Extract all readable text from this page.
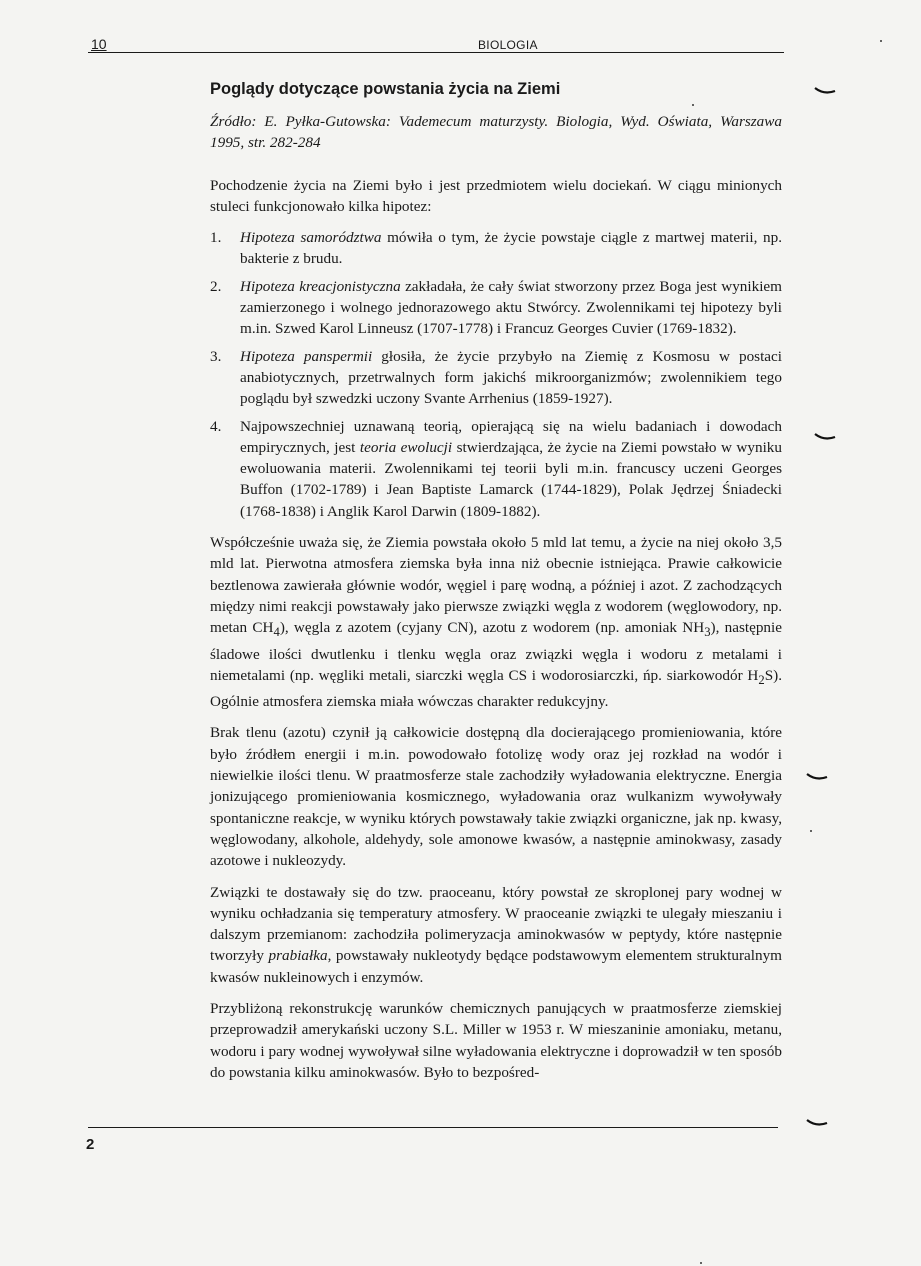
10	BIOLOGIA
Poglądy dotyczące powstania życia na Ziemi

Źródło: E. Pyłka-Gutowska: Vademecum maturzysty. Biologia, Wyd. Oświata, Warszawa 1995, str. 282-284

Pochodzenie życia na Ziemi było i jest przedmiotem wielu dociekań. W ciągu minionych stuleci funkcjonowało kilka hipotez:

1.	Hipoteza samorództwa mówiła o tym, że życie powstaje ciągle z martwej materii, np. bakterie z brudu.
2.	Hipoteza kreacjonistyczna zakładała, że cały świat stworzony przez Boga jest wynikiem zamierzonego i wolnego jednorazowego aktu Stwórcy. Zwolennikami tej hipotezy byli m.in. Szwed Karol Linneusz (1707-1778) i Francuz Georges Cuvier (1769-1832).
3.	Hipoteza panspermii głosiła, że życie przybyło na Ziemię z Kosmosu w postaci anabiotycznych, przetrwalnych form jakichś mikroorganizmów; zwolennikiem tego poglądu był szwedzki uczony Svante Arrhenius (1859-1927).
4.	Najpowszechniej uznawaną teorią, opierającą się na wielu badaniach i dowodach empirycznych, jest teoria ewolucji stwierdzająca, że życie na Ziemi powstało w wyniku ewoluowania materii. Zwolennikami tej teorii byli m.in. francuscy uczeni Georges Buffon (1702-1789) i Jean Baptiste Lamarck (1744-1829), Polak Jędrzej Śniadecki (1768-1838) i Anglik Karol Darwin (1809-1882).

Współcześnie uważa się, że Ziemia powstała około 5 mld lat temu, a życie na niej około 3,5 mld lat. Pierwotna atmosfera ziemska była inna niż obecnie istniejąca. Prawie całkowicie beztlenowa zawierała głównie wodór, węgiel i parę wodną, a później i azot. Z zachodzących między nimi reakcji powstawały jako pierwsze związki węgla z wodorem (węglowodory, np. metan $CH_4$), węgla z azotem (cyjany CN), azotu z wodorem (np. amoniak $NH_3$), następnie śladowe ilości dwutlenku i tlenku węgla oraz związki węgla i wodoru z metalami i niemetalami (np. węgliki metali, siarczki węgla CS i wodorosiarczki, ńp. siarkowodór $H_2S$). Ogólnie atmosfera ziemska miała wówczas charakter redukcyjny.

Brak tlenu (azotu) czynił ją całkowicie dostępną dla docierającego promieniowania, które było źródłem energii i m.in. powodowało fotolizę wody oraz jej rozkład na wodór i niewielkie ilości tlenu. W praatmosferze stale zachodziły wyładowania elektryczne. Energia jonizującego promieniowania kosmicznego, wyładowania oraz wulkanizm wywoływały spontaniczne reakcje, w wyniku których powstawały takie związki organiczne, jak np. kwasy, węglowodany, alkohole, aldehydy, sole amonowe kwasów, a następnie aminokwasy, zasady azotowe i nukleozydy.

Związki te dostawały się do tzw. praoceanu, który powstał ze skroplonej pary wodnej w wyniku ochładzania się temperatury atmosfery. W praoceanie związki te ulegały mieszaniu i dalszym przemianom: zachodziła polimeryzacja aminokwasów w peptydy, które następnie tworzyły prabiałka, powstawały nukleotydy będące podstawowym elementem strukturalnym kwasów nukleinowych i enzymów.

Przybliżoną rekonstrukcję warunków chemicznych panujących w praatmosferze ziemskiej przeprowadził amerykański uczony S.L. Miller w 1953 r. W mieszaninie amoniaku, metanu, wodoru i pary wodnej wywoływał silne wyładowania elektryczne i doprowadził w ten sposób do powstania kilku aminokwasów. Było to bezpośred-

2
